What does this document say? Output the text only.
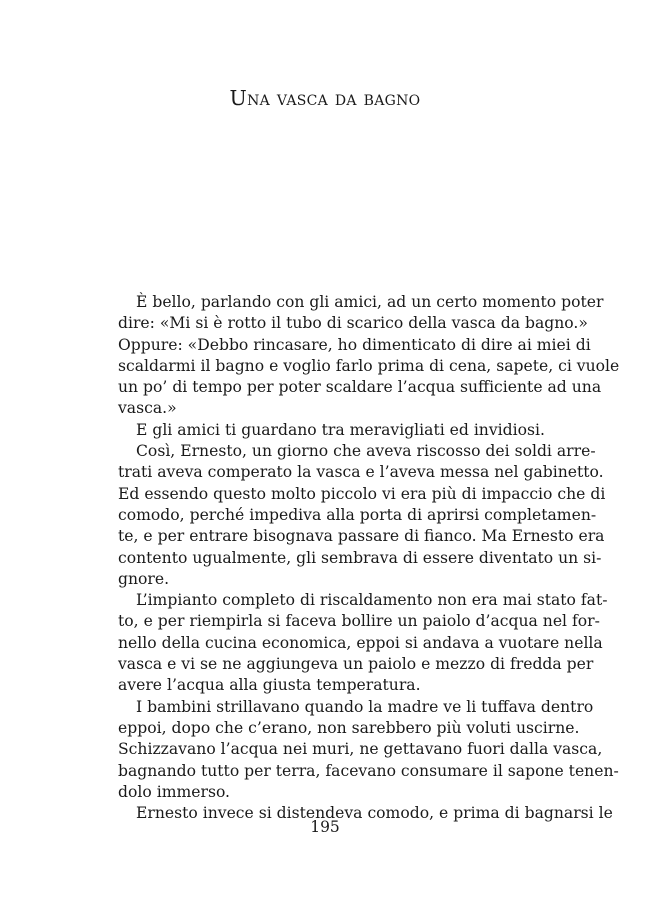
Una vasca da bagno
È bello, parlando con gli amici, ad un certo momento poter
dire: «Mi si è rotto il tubo di scarico della vasca da bagno.»
Oppure: «Debbo rincasare, ho dimenticato di dire ai miei di
scaldarmi il bagno e voglio farlo prima di cena, sapete, ci vuole
un po’ di tempo per poter scaldare l’acqua sufficiente ad una
vasca.»
E gli amici ti guardano tra meravigliati ed invidiosi.
Così, Ernesto, un giorno che aveva riscosso dei soldi arre-
trati aveva comperato la vasca e l’aveva messa nel gabinetto.
Ed essendo questo molto piccolo vi era più di impaccio che di
comodo, perché impediva alla porta di aprirsi completamen-
te, e per entrare bisognava passare di fianco. Ma Ernesto era
contento ugualmente, gli sembrava di essere diventato un si-
gnore.
L’impianto completo di riscaldamento non era mai stato fat-
to, e per riempirla si faceva bollire un paiolo d’acqua nel for-
nello della cucina economica, eppoi si andava a vuotare nella
vasca e vi se ne aggiungeva un paiolo e mezzo di fredda per
avere l’acqua alla giusta temperatura.
I bambini strillavano quando la madre ve li tuffava dentro
eppoi, dopo che c’erano, non sarebbero più voluti uscirne.
Schizzavano l’acqua nei muri, ne gettavano fuori dalla vasca,
bagnando tutto per terra, facevano consumare il sapone tenen-
dolo immerso.
Ernesto invece si distendeva comodo, e prima di bagnarsi le
195
